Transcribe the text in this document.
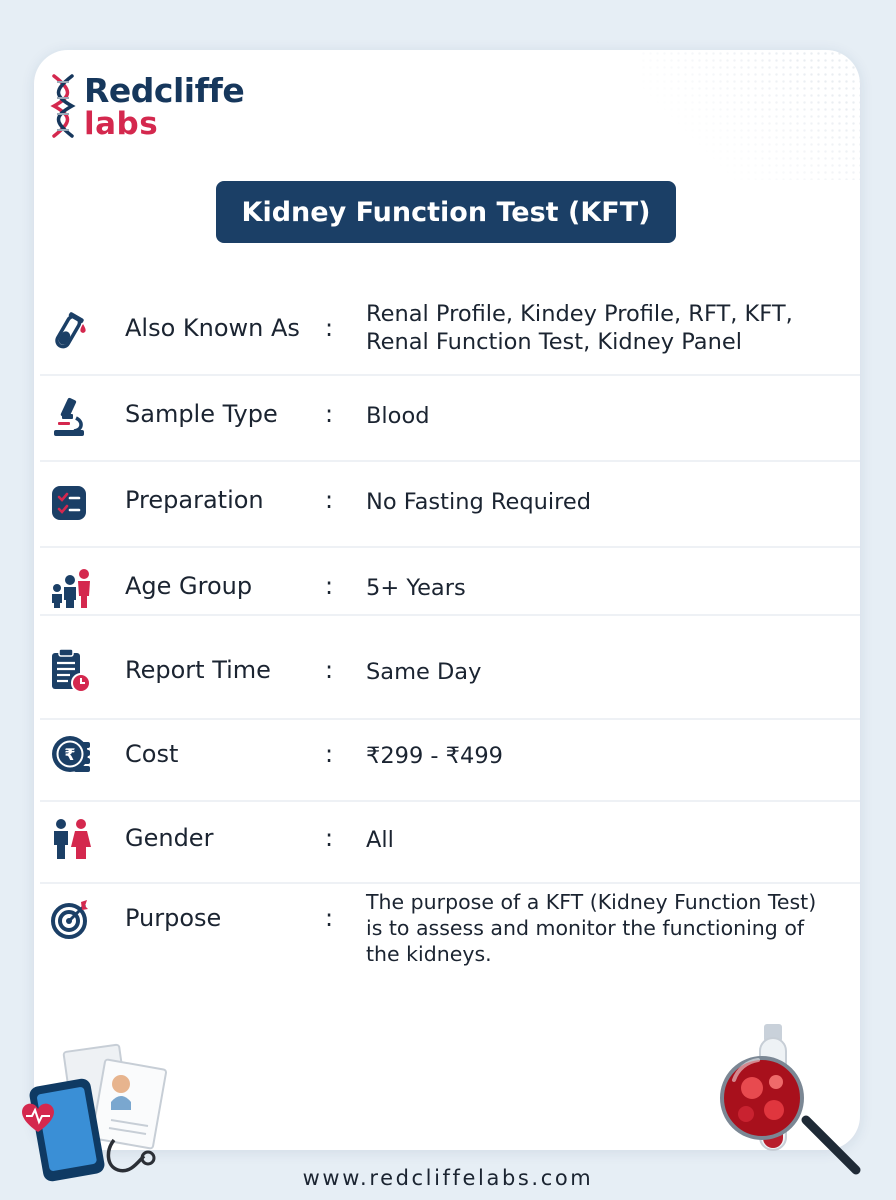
Redcliffe
labs
Kidney Function Test (KFT)
Also Known As : Renal Profile, Kindey Profile, RFT, KFT,
Renal Function Test, Kidney Panel
Sample Type : Blood
Preparation	: No Fasting Required
Age Group	: 5+ Years
Report Time : Same Day
₹ Cost	: ₹299 - ₹499
Gender	: All
Purpose	:
The purpose of a KFT (Kidney Function Test)
is to assess and monitor the functioning of
the kidneys.
www.redcliffelabs.com
